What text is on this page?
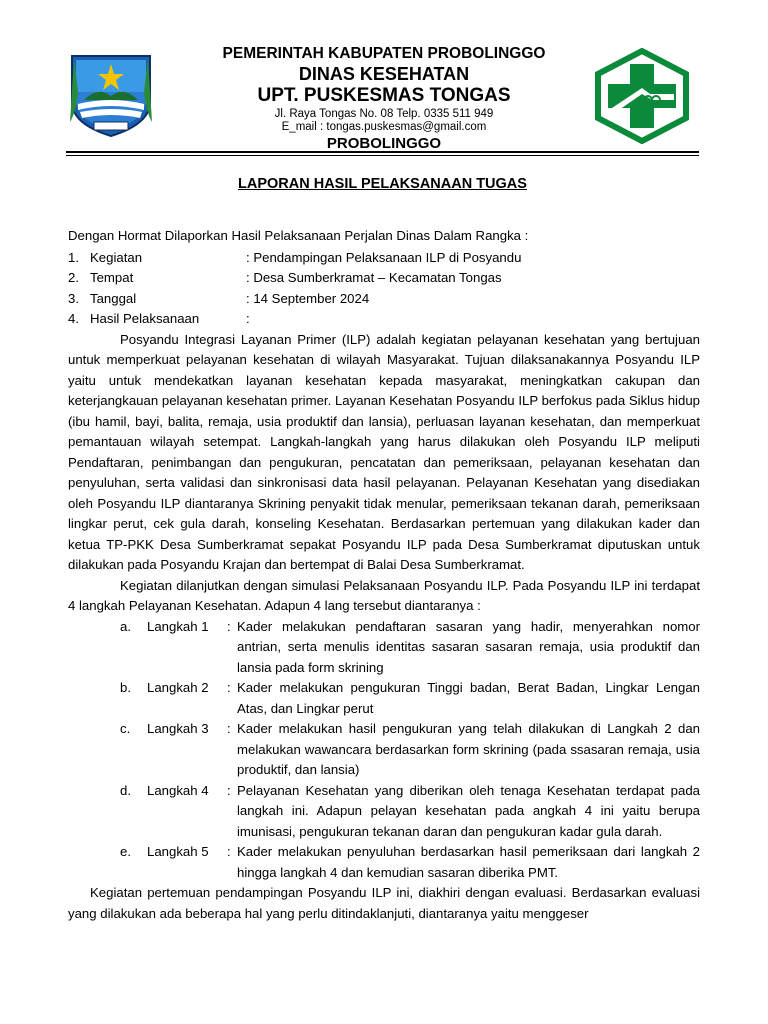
PEMERINTAH KABUPATEN PROBOLINGGO
DINAS KESEHATAN
UPT. PUSKESMAS TONGAS
Jl. Raya Tongas No. 08 Telp. 0335 511 949
E_mail : tongas.puskesmas@gmail.com
PROBOLINGGO
LAPORAN HASIL PELAKSANAAN TUGAS
Dengan Hormat Dilaporkan Hasil Pelaksanaan Perjalan Dinas Dalam Rangka :
1. Kegiatan	: Pendampingan Pelaksanaan ILP di Posyandu
2. Tempat	: Desa Sumberkramat – Kecamatan Tongas
3. Tanggal	: 14 September 2024
4. Hasil Pelaksanaan	:

Posyandu Integrasi Layanan Primer (ILP) adalah kegiatan pelayanan kesehatan yang bertujuan untuk memperkuat pelayanan kesehatan di wilayah Masyarakat. Tujuan dilaksanakannya Posyandu ILP yaitu untuk mendekatkan layanan kesehatan kepada masyarakat, meningkatkan cakupan dan keterjangkauan pelayanan kesehatan primer. Layanan Kesehatan Posyandu ILP berfokus pada Siklus hidup (ibu hamil, bayi, balita, remaja, usia produktif dan lansia), perluasan layanan kesehatan, dan memperkuat pemantauan wilayah setempat. Langkah-langkah yang harus dilakukan oleh Posyandu ILP meliputi Pendaftaran, penimbangan dan pengukuran, pencatatan dan pemeriksaan, pelayanan kesehatan dan penyuluhan, serta validasi dan sinkronisasi data hasil pelayanan. Pelayanan Kesehatan yang disediakan oleh Posyandu ILP diantaranya Skrining penyakit tidak menular, pemeriksaan tekanan darah, pemeriksaan lingkar perut, cek gula darah, konseling Kesehatan. Berdasarkan pertemuan yang dilakukan kader dan ketua TP-PKK Desa Sumberkramat sepakat Posyandu ILP pada Desa Sumberkramat diputuskan untuk dilakukan pada Posyandu Krajan dan bertempat di Balai Desa Sumberkramat.

Kegiatan dilanjutkan dengan simulasi Pelaksanaan Posyandu ILP. Pada Posyandu ILP ini terdapat 4 langkah Pelayanan Kesehatan. Adapun 4 lang tersebut diantaranya :

a.	Langkah 1	: Kader melakukan pendaftaran sasaran yang hadir, menyerahkan nomor antrian, serta menulis identitas sasaran sasaran remaja, usia produktif dan lansia pada form skrining
b.	Langkah 2	: Kader melakukan pengukuran Tinggi badan, Berat Badan, Lingkar Lengan Atas, dan Lingkar perut
c.	Langkah 3	: Kader melakukan hasil pengukuran yang telah dilakukan di Langkah 2 dan melakukan wawancara berdasarkan form skrining (pada ssasaran remaja, usia produktif, dan lansia)
d.	Langkah 4	: Pelayanan Kesehatan yang diberikan oleh tenaga Kesehatan terdapat pada langkah ini. Adapun pelayan kesehatan pada angkah 4 ini yaitu berupa imunisasi, pengukuran tekanan daran dan pengukuran kadar gula darah.
e.	Langkah 5	: Kader melakukan penyuluhan berdasarkan hasil pemeriksaan dari langkah 2 hingga langkah 4 dan kemudian sasaran diberika PMT.

Kegiatan pertemuan pendampingan Posyandu ILP ini, diakhiri dengan evaluasi. Berdasarkan evaluasi yang dilakukan ada beberapa hal yang perlu ditindaklanjuti, diantaranya yaitu menggeser
